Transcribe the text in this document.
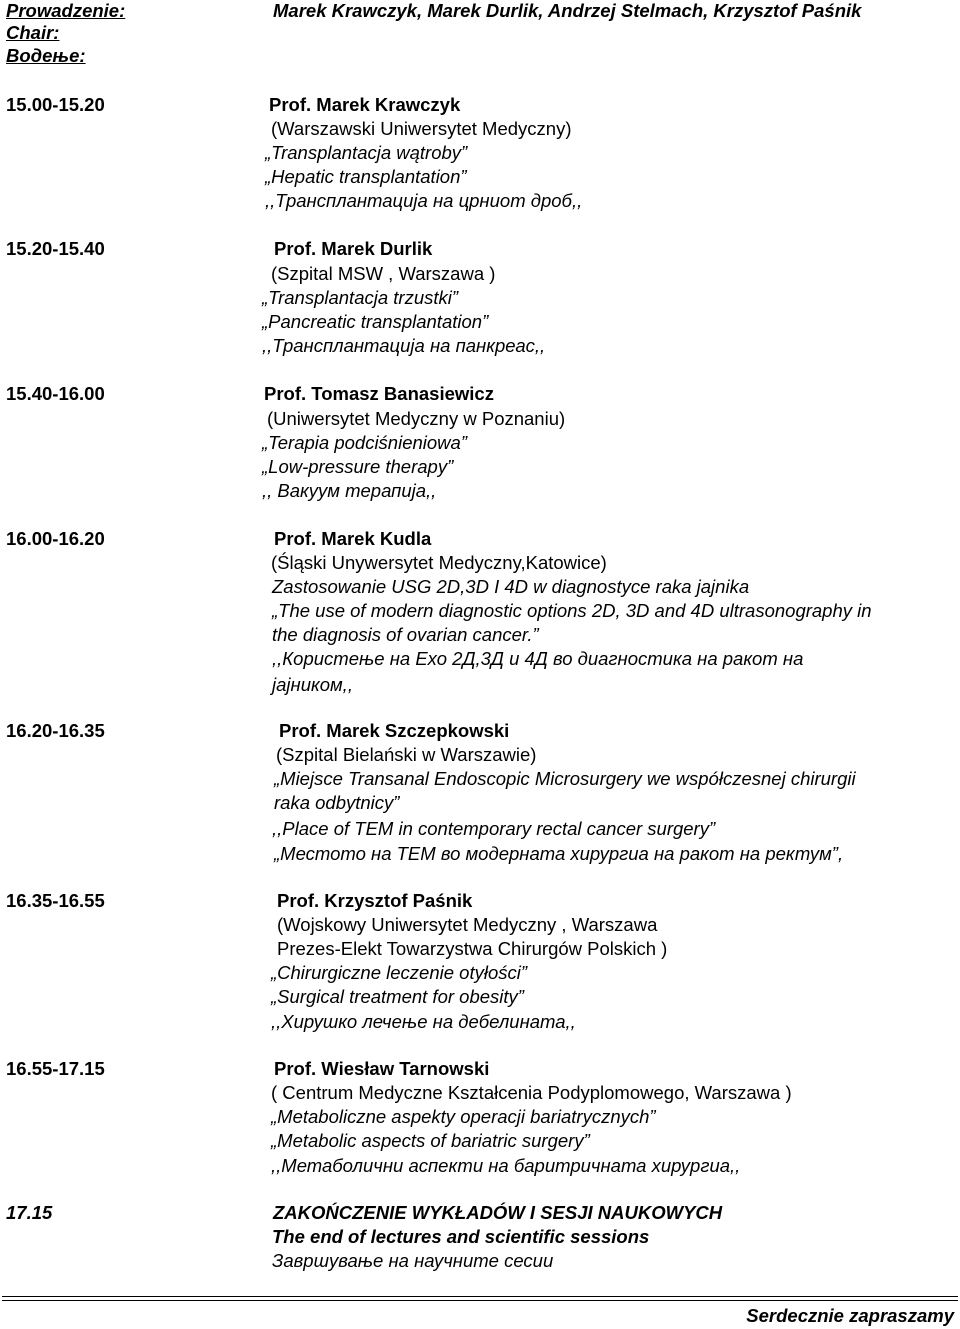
Prowadzenie:
Chair:
Водење:
Marek Krawczyk, Marek Durlik, Andrzej Stelmach, Krzysztof Paśnik
15.00-15.20	Prof. Marek Krawczyk
(Warszawski Uniwersytet Medyczny)
„Transplantacja wątroby”
„Hepatic transplantation”
,,Трансплантација на црниот дроб,,
15.20-15.40	Prof. Marek Durlik
(Szpital MSW , Warszawa )
„Transplantacja trzustki”
„Pancreatic transplantation”
,,Трансплантација на панкреас,,
15.40-16.00	Prof. Tomasz Banasiewicz
(Uniwersytet Medyczny w Poznaniu)
„Terapia podciśnieniowa”
„Low-pressure therapy”
,, Вакуум терапија,,
16.00-16.20	Prof. Marek Kudla
(Śląski Unywersytet Medyczny,Katowice)
Zastosowanie USG 2D,3D I 4D w diagnostyce raka jajnika
„The use of modern diagnostic options 2D, 3D and 4D ultrasonography in
the diagnosis of ovarian cancer.”
,,Користење на Ехо 2Д,3Д и 4Д во диагностика на ракот на
јајником,,
16.20-16.35	Prof. Marek Szczepkowski
(Szpital Bielański w Warszawie)
„Miejsce Transanal Endoscopic Microsurgery we współczesnej chirurgii
raka odbytnicy”
,,Place of TEM in contemporary rectal cancer surgery”
„Местото на ТЕМ во модерната хирургиа на ракот на ректум”,
16.35-16.55	Prof. Krzysztof Paśnik
(Wojskowy Uniwersytet Medyczny , Warszawa
Prezes-Elekt Towarzystwa Chirurgów Polskich )
„Chirurgiczne leczenie otyłości”
„Surgical treatment for obesity”
,,Хирушко лечење на дебелината,,
16.55-17.15	Prof. Wiesław Tarnowski
( Centrum Medyczne Kształcenia Podyplomowego, Warszawa )
„Metaboliczne aspekty operacji bariatrycznych”
„Metabolic aspects of bariatric surgery”
,,Метаболични аспекти на баритричната хирургиа,,
17.15	ZAKOŃCZENIE WYKŁADÓW I SESJI NAUKOWYCH
The end of lectures and scientific sessions
Завршување на научните сесии
Serdecznie zapraszamy
